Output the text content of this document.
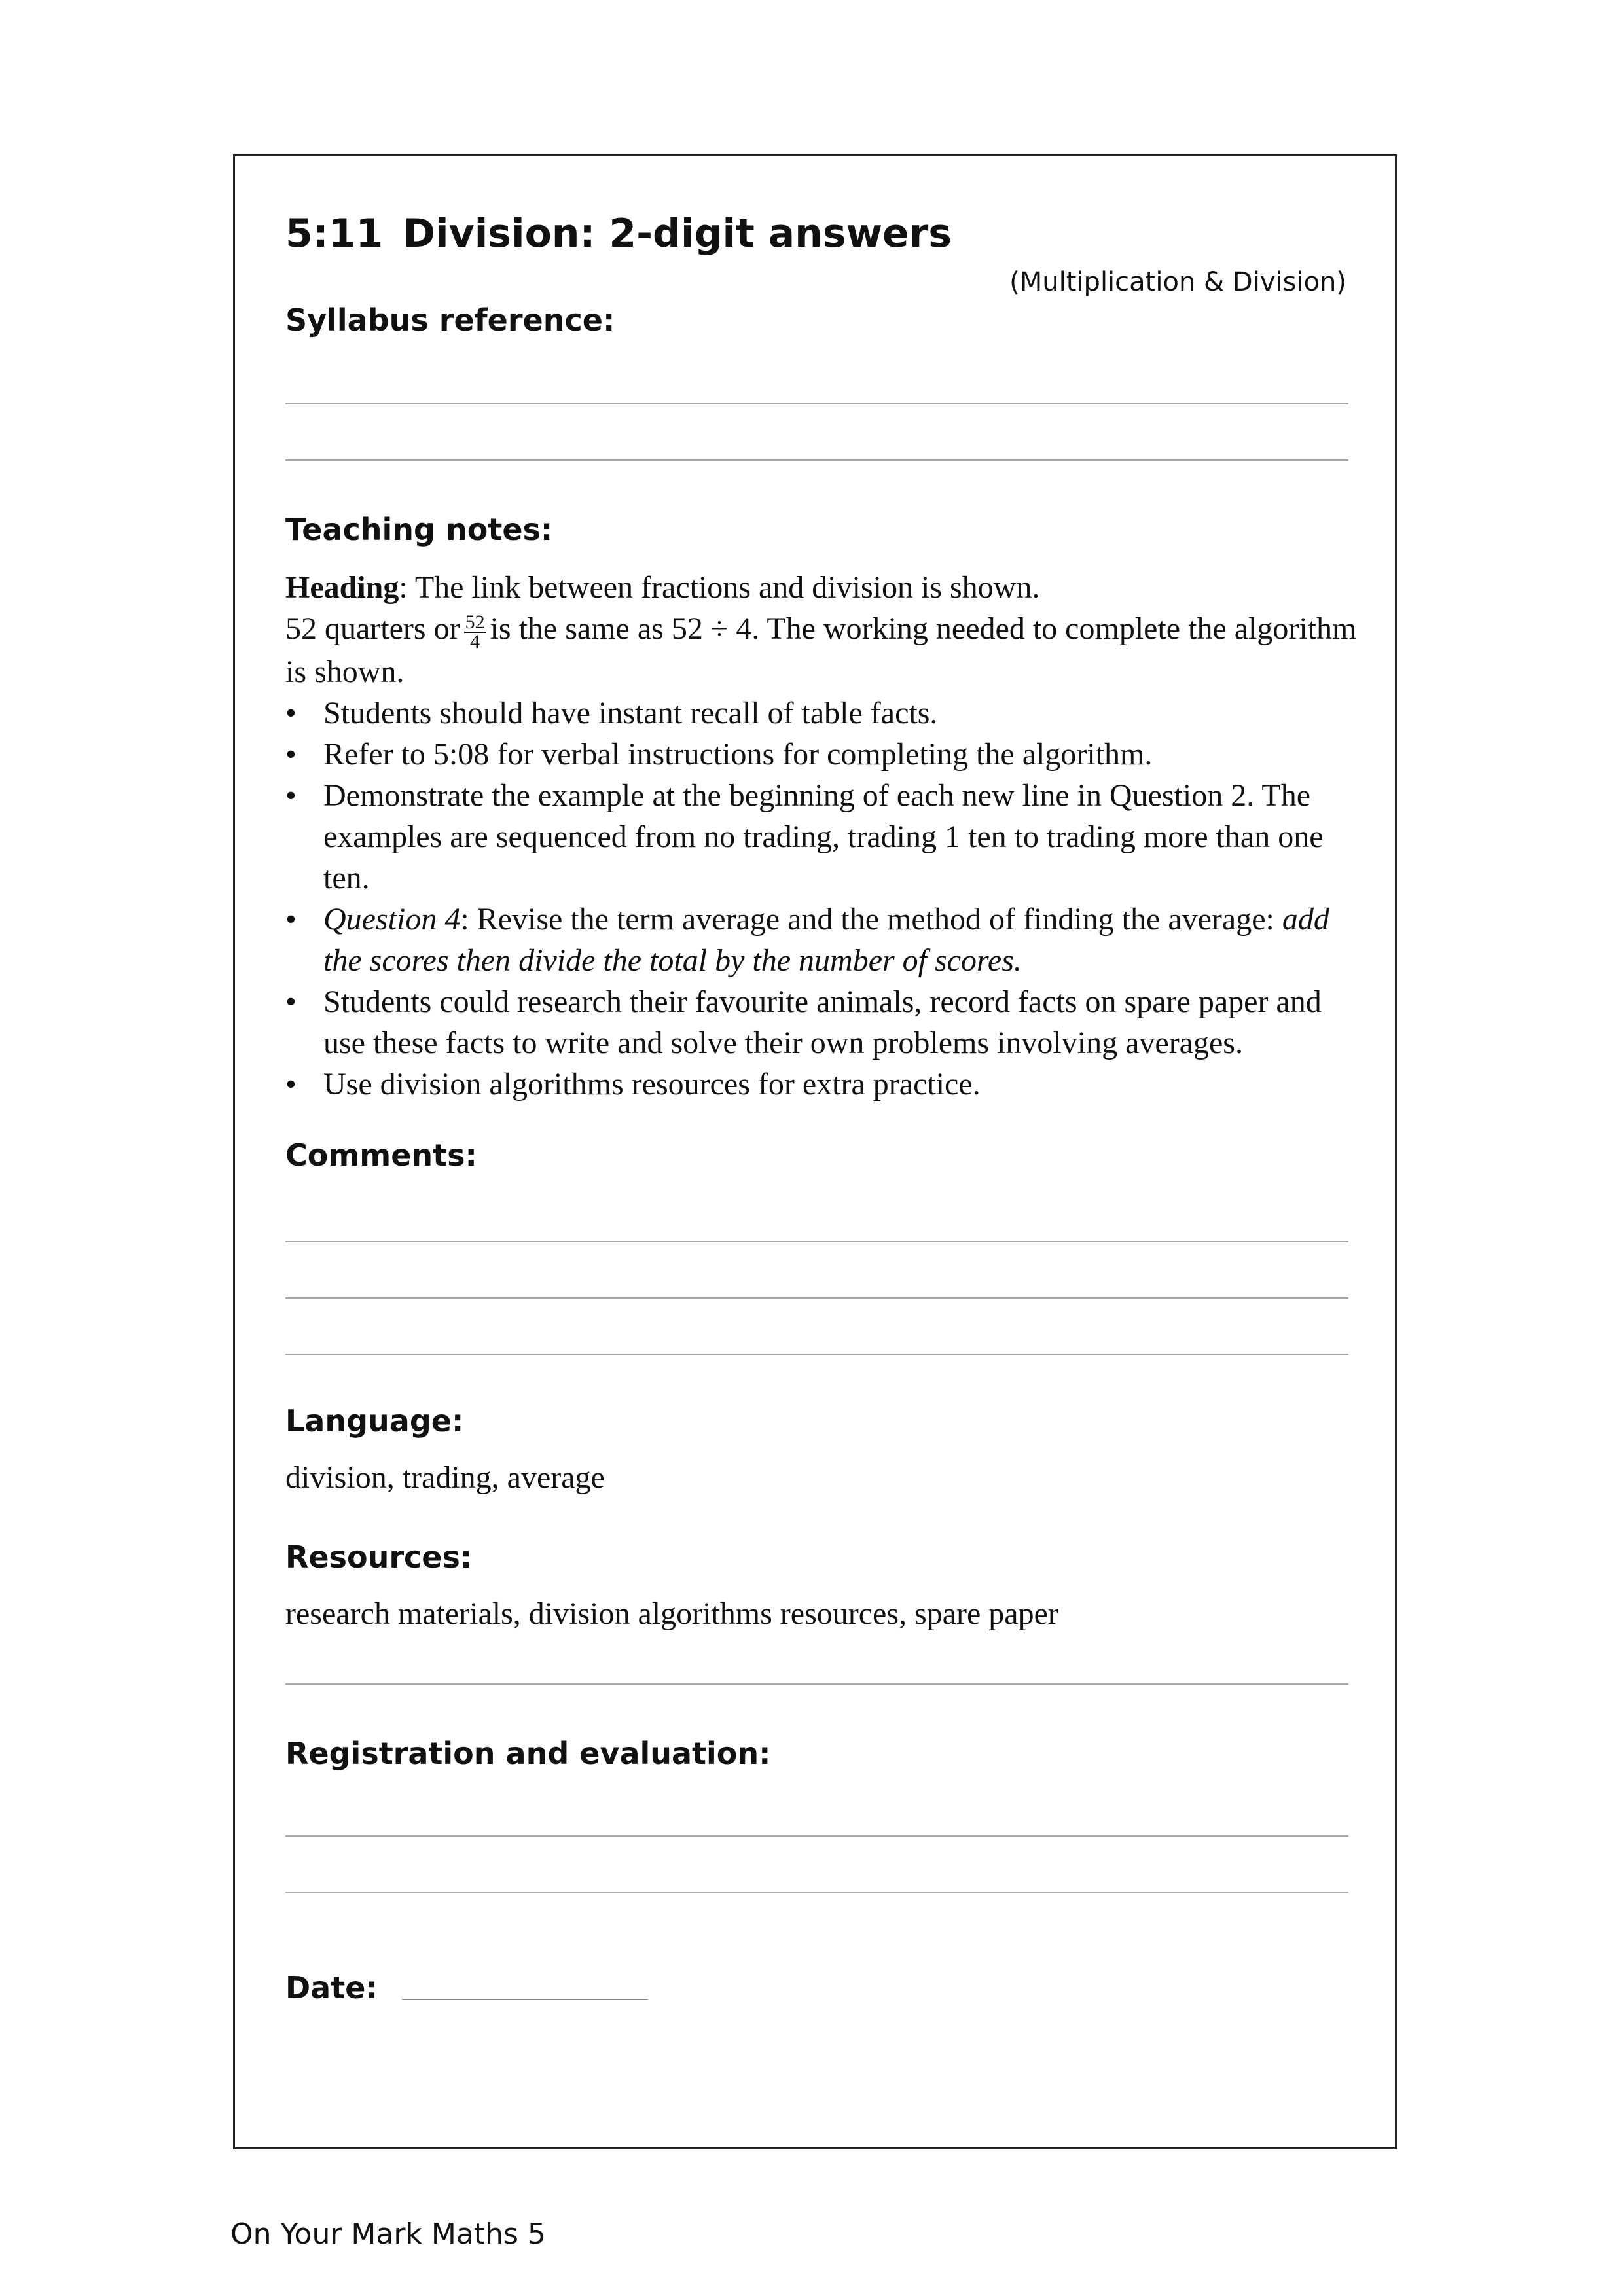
5:11 Division: 2-digit answers
(Multiplication & Division)
Syllabus reference:
Teaching notes:

Heading: The link between fractions and division is shown.

52 quarters or $\frac{52}{4}$ is the same as 52 ÷ 4. The working needed to complete the algorithm is shown.

• Students should have instant recall of table facts.
• Refer to 5:08 for verbal instructions for completing the algorithm.
• Demonstrate the example at the beginning of each new line in Question 2. The examples are sequenced from no trading, trading 1 ten to trading more than one ten.
• Question 4: Revise the term average and the method of finding the average: add the scores then divide the total by the number of scores.
• Students could research their favourite animals, record facts on spare paper and use these facts to write and solve their own problems involving averages.
• Use division algorithms resources for extra practice.
Comments:
Language:
division, trading, average
Resources:
research materials, division algorithms resources, spare paper
Registration and evaluation:
Date:
On Your Mark Maths 5
